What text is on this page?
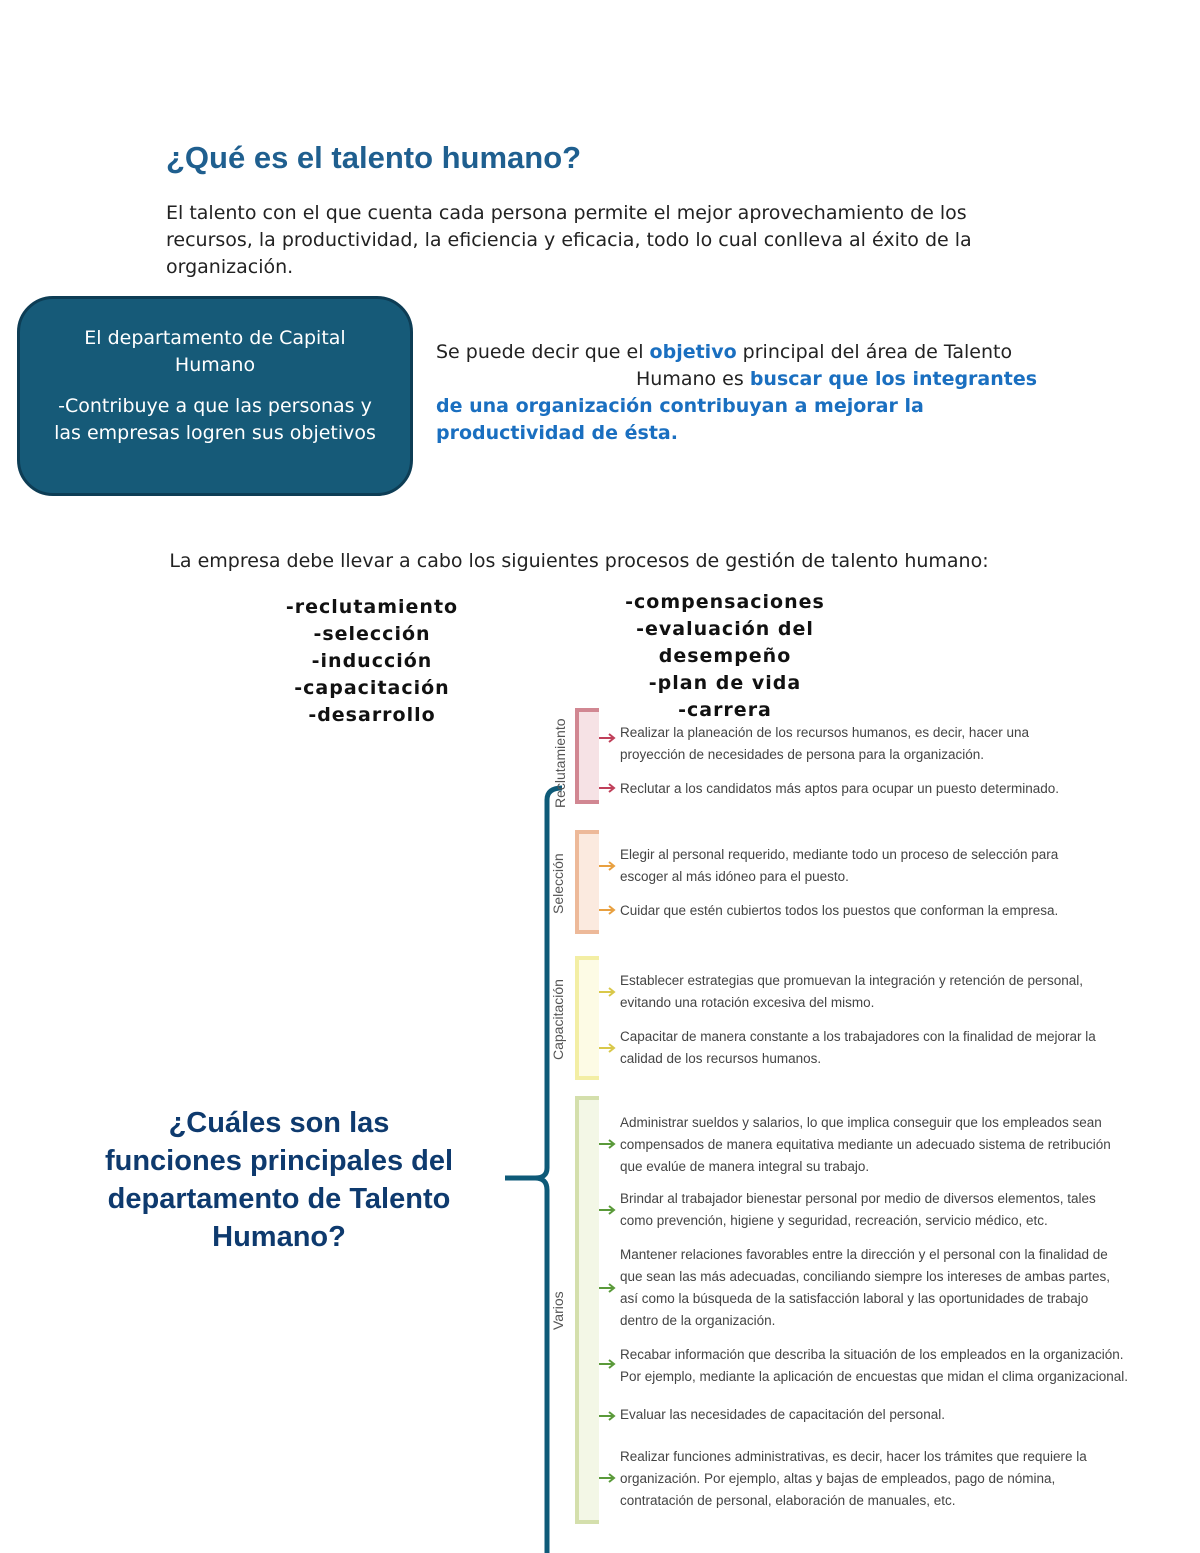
¿Qué es el talento humano?
El talento con el que cuenta cada persona permite el mejor aprovechamiento de los recursos, la productividad, la eficiencia y eficacia, todo lo cual conlleva al éxito de la organización.

El departamento de Capital Humano

-Contribuye a que las personas y las empresas logren sus objetivos

Se puede decir que el objetivo principal del área de TalentoHumano es buscar que los integrantes de una organización contribuyan a mejorar la productividad de ésta.
La empresa debe llevar a cabo los siguientes procesos de gestión de talento humano:
-reclutamiento
-selección
-inducción
-capacitación
-desarrollo
-compensaciones
-evaluación del desempeño
-plan de vida
-carrera
¿Cuáles son las funciones principales del departamento de Talento Humano?
Reclutamiento
Selección
Capacitación
Varios
Realizar la planeación de los recursos humanos, es decir, hacer una proyección de necesidades de persona para la organización.
Reclutar a los candidatos más aptos para ocupar un puesto determinado.
Elegir al personal requerido, mediante todo un proceso de selección para escoger al más idóneo para el puesto.
Cuidar que estén cubiertos todos los puestos que conforman la empresa.
Establecer estrategias que promuevan la integración y retención de personal, evitando una rotación excesiva del mismo.
Capacitar de manera constante a los trabajadores con la finalidad de mejorar la calidad de los recursos humanos.
Administrar sueldos y salarios, lo que implica conseguir que los empleados sean compensados de manera equitativa mediante un adecuado sistema de retribución que evalúe de manera integral su trabajo.
Brindar al trabajador bienestar personal por medio de diversos elementos, tales como prevención, higiene y seguridad, recreación, servicio médico, etc.
Mantener relaciones favorables entre la dirección y el personal con la finalidad de que sean las más adecuadas, conciliando siempre los intereses de ambas partes, así como la búsqueda de la satisfacción laboral y las oportunidades de trabajo dentro de la organización.
Recabar información que describa la situación de los empleados en la organización. Por ejemplo, mediante la aplicación de encuestas que midan el clima organizacional.
Evaluar las necesidades de capacitación del personal.
Realizar funciones administrativas, es decir, hacer los trámites que requiere la organización. Por ejemplo, altas y bajas de empleados, pago de nómina, contratación de personal, elaboración de manuales, etc.
